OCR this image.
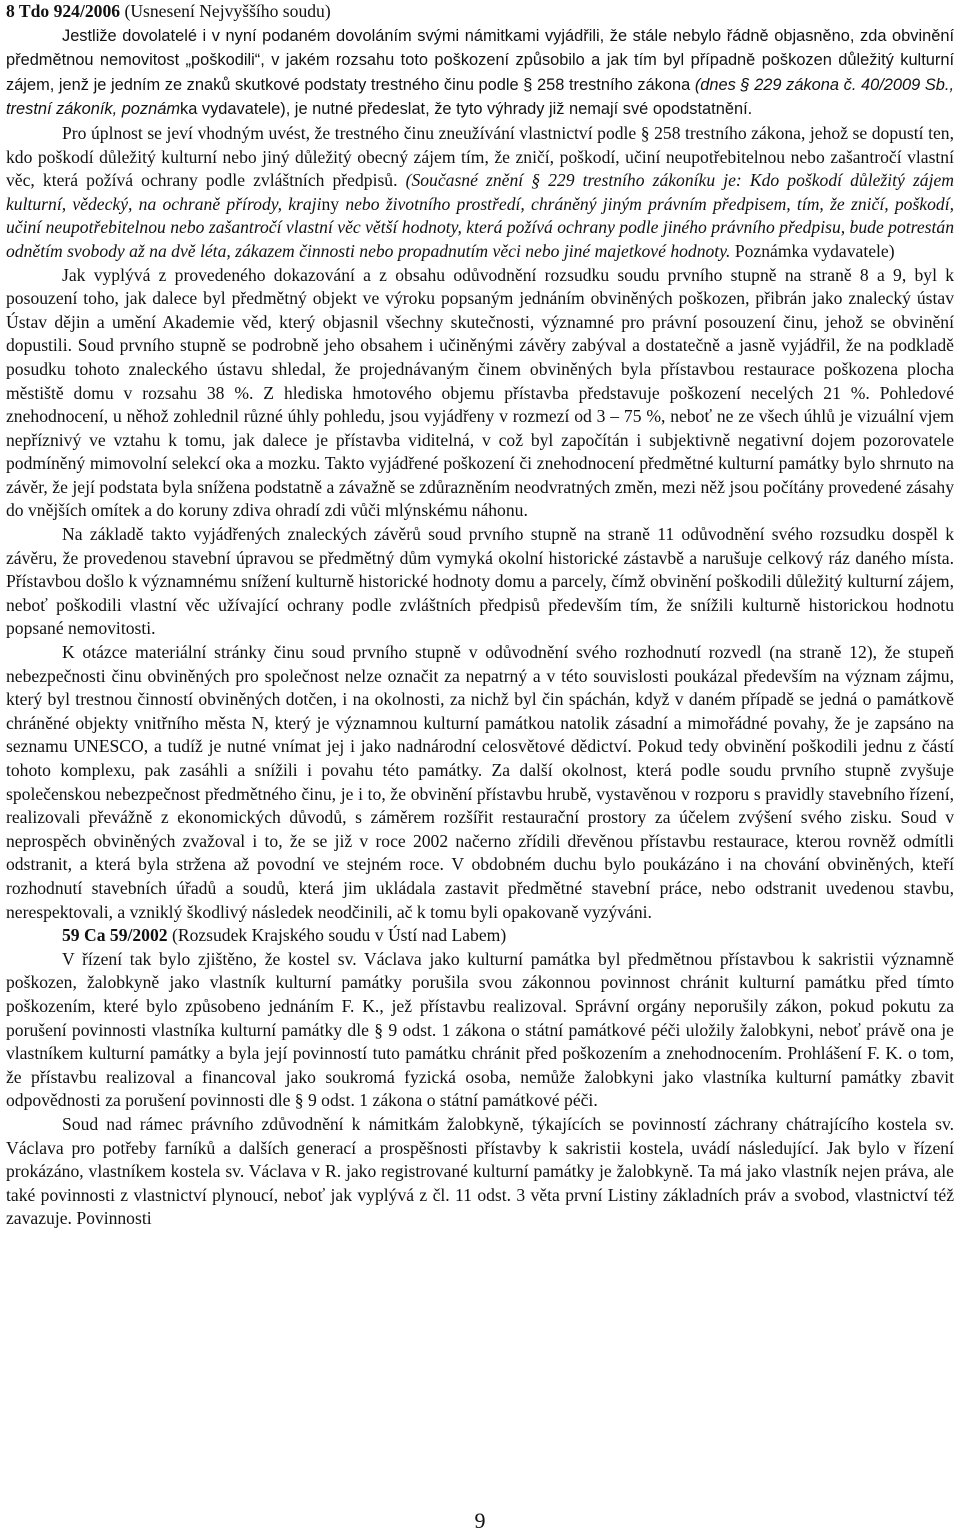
8 Tdo 924/2006 (Usnesení Nejvyššího soudu)

Jestliže dovolatelé i v nyní podaném dovoláním svými námitkami vyjádřili, že stále nebylo řádně objasněno, zda obvinění předmětnou nemovitost „poškodili“, v jakém rozsahu toto poškození způsobilo a jak tím byl případně poškozen důležitý kulturní zájem, jenž je jedním ze znaků skutkové podstaty trestného činu podle § 258 trestního zákona (dnes § 229 zákona č. 40/2009 Sb., trestní zákoník, poznámka vydavatele), je nutné předeslat, že tyto výhrady již nemají své opodstatnění.

Pro úplnost se jeví vhodným uvést, že trestného činu zneužívání vlastnictví podle § 258 trestního zákona, jehož se dopustí ten, kdo poškodí důležitý kulturní nebo jiný důležitý obecný zájem tím, že zničí, poškodí, učiní neupotřebitelnou nebo zašantročí vlastní věc, která požívá ochrany podle zvláštních předpisů. (Současné znění § 229 trestního zákoníku je: Kdo poškodí důležitý zájem kulturní, vědecký, na ochraně přírody, krajiny nebo životního prostředí, chráněný jiným právním předpisem, tím, že zničí, poškodí, učiní neupotřebitelnou nebo zašantročí vlastní věc větší hodnoty, která požívá ochrany podle jiného právního předpisu, bude potrestán odnětím svobody až na dvě léta, zákazem činnosti nebo propadnutím věci nebo jiné majetkové hodnoty. Poznámka vydavatele)

Jak vyplývá z provedeného dokazování a z obsahu odůvodnění rozsudku soudu prvního stupně na straně 8 a 9, byl k posouzení toho, jak dalece byl předmětný objekt ve výroku popsaným jednáním obviněných poškozen, přibrán jako znalecký ústav Ústav dějin a umění Akademie věd, který objasnil všechny skutečnosti, významné pro právní posouzení činu, jehož se obvinění dopustili. Soud prvního stupně se podrobně jeho obsahem i učiněnými závěry zabýval a dostatečně a jasně vyjádřil, že na podkladě posudku tohoto znaleckého ústavu shledal, že projednávaným činem obviněných byla přístavbou restaurace poškozena plocha městiště domu v rozsahu 38 %. Z hlediska hmotového objemu přístavba představuje poškození necelých 21 %. Pohledové znehodnocení, u něhož zohlednil různé úhly pohledu, jsou vyjádřeny v rozmezí od 3 – 75 %, neboť ne ze všech úhlů je vizuální vjem nepříznivý ve vztahu k tomu, jak dalece je přístavba viditelná, v což byl započítán i subjektivně negativní dojem pozorovatele podmíněný mimovolní selekcí oka a mozku. Takto vyjádřené poškození či znehodnocení předmětné kulturní památky bylo shrnuto na závěr, že její podstata byla snížena podstatně a závažně se zdůrazněním neodvratných změn, mezi něž jsou počítány provedené zásahy do vnějších omítek a do koruny zdiva ohradí zdi vůči mlýnskému náhonu.

Na základě takto vyjádřených znaleckých závěrů soud prvního stupně na straně 11 odůvodnění svého rozsudku dospěl k závěru, že provedenou stavební úpravou se předmětný dům vymyká okolní historické zástavbě a narušuje celkový ráz daného místa. Přístavbou došlo k významnému snížení kulturně historické hodnoty domu a parcely, čímž obvinění poškodili důležitý kulturní zájem, neboť poškodili vlastní věc užívající ochrany podle zvláštních předpisů především tím, že snížili kulturně historickou hodnotu popsané nemovitosti.

K otázce materiální stránky činu soud prvního stupně v odůvodnění svého rozhodnutí rozvedl (na straně 12), že stupeň nebezpečnosti činu obviněných pro společnost nelze označit za nepatrný a v této souvislosti poukázal především na význam zájmu, který byl trestnou činností obviněných dotčen, i na okolnosti, za nichž byl čin spáchán, když v daném případě se jedná o památkově chráněné objekty vnitřního města N, který je významnou kulturní památkou natolik zásadní a mimořádné povahy, že je zapsáno na seznamu UNESCO, a tudíž je nutné vnímat jej i jako nadnárodní celosvětové dědictví. Pokud tedy obvinění poškodili jednu z částí tohoto komplexu, pak zasáhli a snížili i povahu této památky. Za další okolnost, která podle soudu prvního stupně zvyšuje společenskou nebezpečnost předmětného činu, je i to, že obvinění přístavbu hrubě, vystavěnou v rozporu s pravidly stavebního řízení, realizovali převážně z ekonomických důvodů, s záměrem rozšířit restaurační prostory za účelem zvýšení svého zisku. Soud v neprospěch obviněných zvažoval i to, že se již v roce 2002 načerno zřídili dřevěnou přístavbu restaurace, kterou rovněž odmítli odstranit, a která byla stržena až povodní ve stejném roce. V obdobném duchu bylo poukázáno i na chování obviněných, kteří rozhodnutí stavebních úřadů a soudů, která jim ukládala zastavit předmětné stavební práce, nebo odstranit uvedenou stavbu, nerespektovali, a vzniklý škodlivý následek neodčinili, ač k tomu byli opakovaně vyzýváni.

59 Ca 59/2002 (Rozsudek Krajského soudu v Ústí nad Labem)

V řízení tak bylo zjištěno, že kostel sv. Václava jako kulturní památka byl předmětnou přístavbou k sakristii významně poškozen, žalobkyně jako vlastník kulturní památky porušila svou zákonnou povinnost chránit kulturní památku před tímto poškozením, které bylo způsobeno jednáním F. K., jež přístavbu realizoval. Správní orgány neporušily zákon, pokud pokutu za porušení povinnosti vlastníka kulturní památky dle § 9 odst. 1 zákona o státní památkové péči uložily žalobkyni, neboť právě ona je vlastníkem kulturní památky a byla její povinností tuto památku chránit před poškozením a znehodnocením. Prohlášení F. K. o tom, že přístavbu realizoval a financoval jako soukromá fyzická osoba, nemůže žalobkyni jako vlastníka kulturní památky zbavit odpovědnosti za porušení povinnosti dle § 9 odst. 1 zákona o státní památkové péči.

Soud nad rámec právního zdůvodnění k námitkám žalobkyně, týkajících se povinností záchrany chátrajícího kostela sv. Václava pro potřeby farníků a dalších generací a prospěšnosti přístavby k sakristii kostela, uvádí následující. Jak bylo v řízení prokázáno, vlastníkem kostela sv. Václava v R. jako registrované kulturní památky je žalobkyně. Ta má jako vlastník nejen práva, ale také povinnosti z vlastnictví plynoucí, neboť jak vyplývá z čl. 11 odst. 3 věta první Listiny základních práv a svobod, vlastnictví též zavazuje. Povinnosti

9
